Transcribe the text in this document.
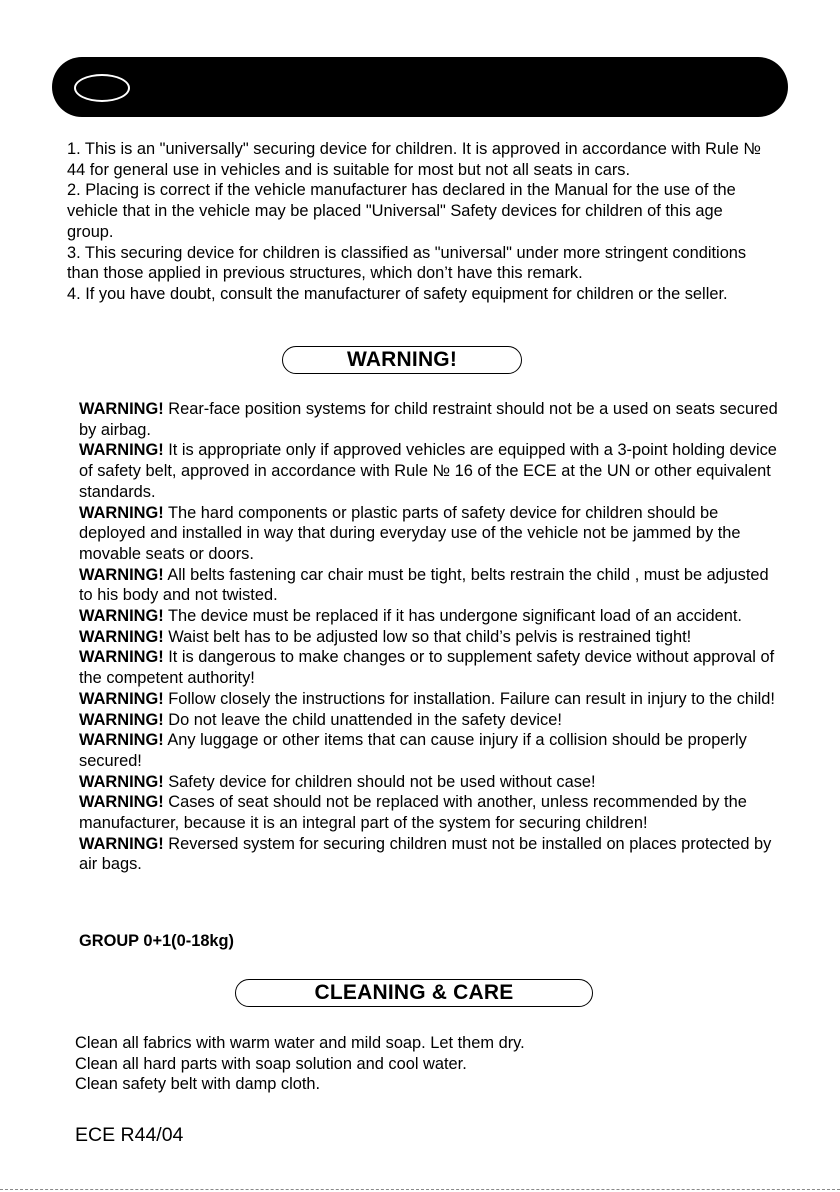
1. This is an "universally" securing device for children. It is approved in accordance with Rule № 44 for general use in vehicles and is suitable for most but not all seats in cars.

2. Placing is correct if the vehicle manufacturer has declared in the Manual for the use of the vehicle that in the vehicle may be placed "Universal" Safety devices for children of this age group.

3. This securing device for children is classified as "universal" under more stringent conditions than those applied in previous structures, which don’t have this remark.

4. If you have doubt, consult the manufacturer of safety equipment for children or the seller.

WARNING!

WARNING! Rear-face position systems for child restraint should not be a used on seats secured by airbag.

WARNING! It is appropriate only if approved vehicles are equipped with a 3-point holding device of safety belt, approved in accordance with Rule № 16 of the ECE at the UN or other equivalent standards.

WARNING! The hard components or plastic parts of safety device for children should be deployed and installed in way that during everyday use of the vehicle not be jammed by the movable seats or doors.

WARNING! All belts fastening car chair must be tight, belts restrain the child , must be adjusted to his body and not twisted.

WARNING! The device must be replaced if it has undergone significant load of an accident.

WARNING! Waist belt has to be adjusted low so that child’s pelvis is restrained tight!

WARNING! It is dangerous to make changes or to supplement safety device without approval of the competent authority!

WARNING! Follow closely the instructions for installation. Failure can result in injury to the child!

WARNING! Do not leave the child unattended in the safety device!

WARNING! Any luggage or other items that can cause injury if a collision should be properly secured!

WARNING! Safety device for children should not be used without case!

WARNING! Cases of seat should not be replaced with another, unless recommended by the manufacturer, because it is an integral part of the system for securing children!

WARNING! Reversed system for securing children must not be installed on places protected by air bags.

GROUP 0+1(0-18kg)
CLEANING & CARE

Clean all fabrics with warm water and mild soap. Let them dry.

Clean all hard parts with soap solution and cool water.

Clean safety belt with damp cloth.

ECE R44/04
